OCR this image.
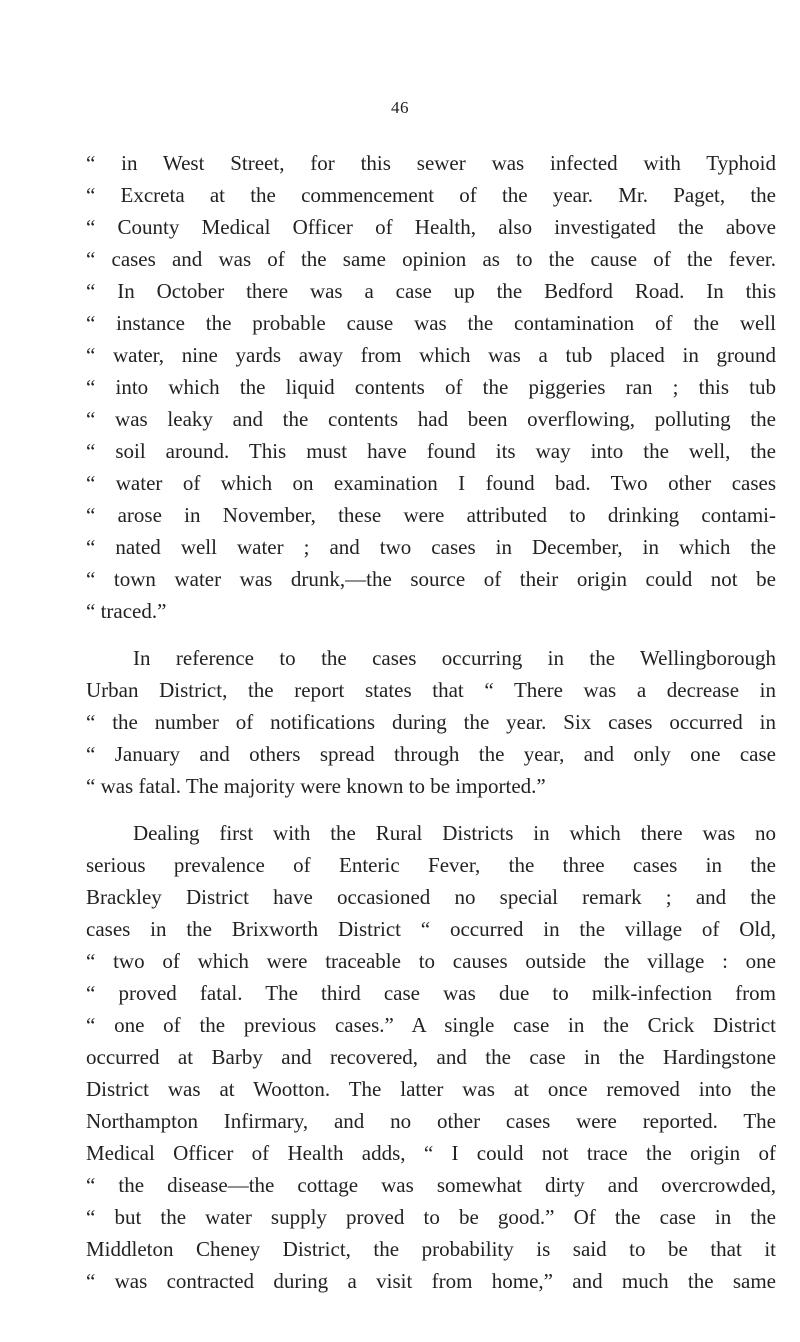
46
“ in West Street, for this sewer was infected with Typhoid
“ Excreta at the commencement of the year. Mr. Paget, the
“ County Medical Officer of Health, also investigated the above
“ cases and was of the same opinion as to the cause of the fever.
“ In October there was a case up the Bedford Road. In this
“ instance the probable cause was the contamination of the well
“ water, nine yards away from which was a tub placed in ground
“ into which the liquid contents of the piggeries ran ; this tub
“ was leaky and the contents had been overflowing, polluting the
“ soil around. This must have found its way into the well, the
“ water of which on examination I found bad. Two other cases
“ arose in November, these were attributed to drinking contami-
“ nated well water ; and two cases in December, in which the
“ town water was drunk,—the source of their origin could not be
“ traced.”
In reference to the cases occurring in the Wellingborough
Urban District, the report states that “ There was a decrease in
“ the number of notifications during the year. Six cases occurred in
“ January and others spread through the year, and only one case
“ was fatal. The majority were known to be imported.”
Dealing first with the Rural Districts in which there was no
serious prevalence of Enteric Fever, the three cases in the
Brackley District have occasioned no special remark ; and the
cases in the Brixworth District “ occurred in the village of Old,
“ two of which were traceable to causes outside the village : one
“ proved fatal. The third case was due to milk-infection from
“ one of the previous cases.” A single case in the Crick District
occurred at Barby and recovered, and the case in the Hardingstone
District was at Wootton. The latter was at once removed into the
Northampton Infirmary, and no other cases were reported. The
Medical Officer of Health adds, “ I could not trace the origin of
“ the disease—the cottage was somewhat dirty and overcrowded,
“ but the water supply proved to be good.” Of the case in the
Middleton Cheney District, the probability is said to be that it
“ was contracted during a visit from home,” and much the same
